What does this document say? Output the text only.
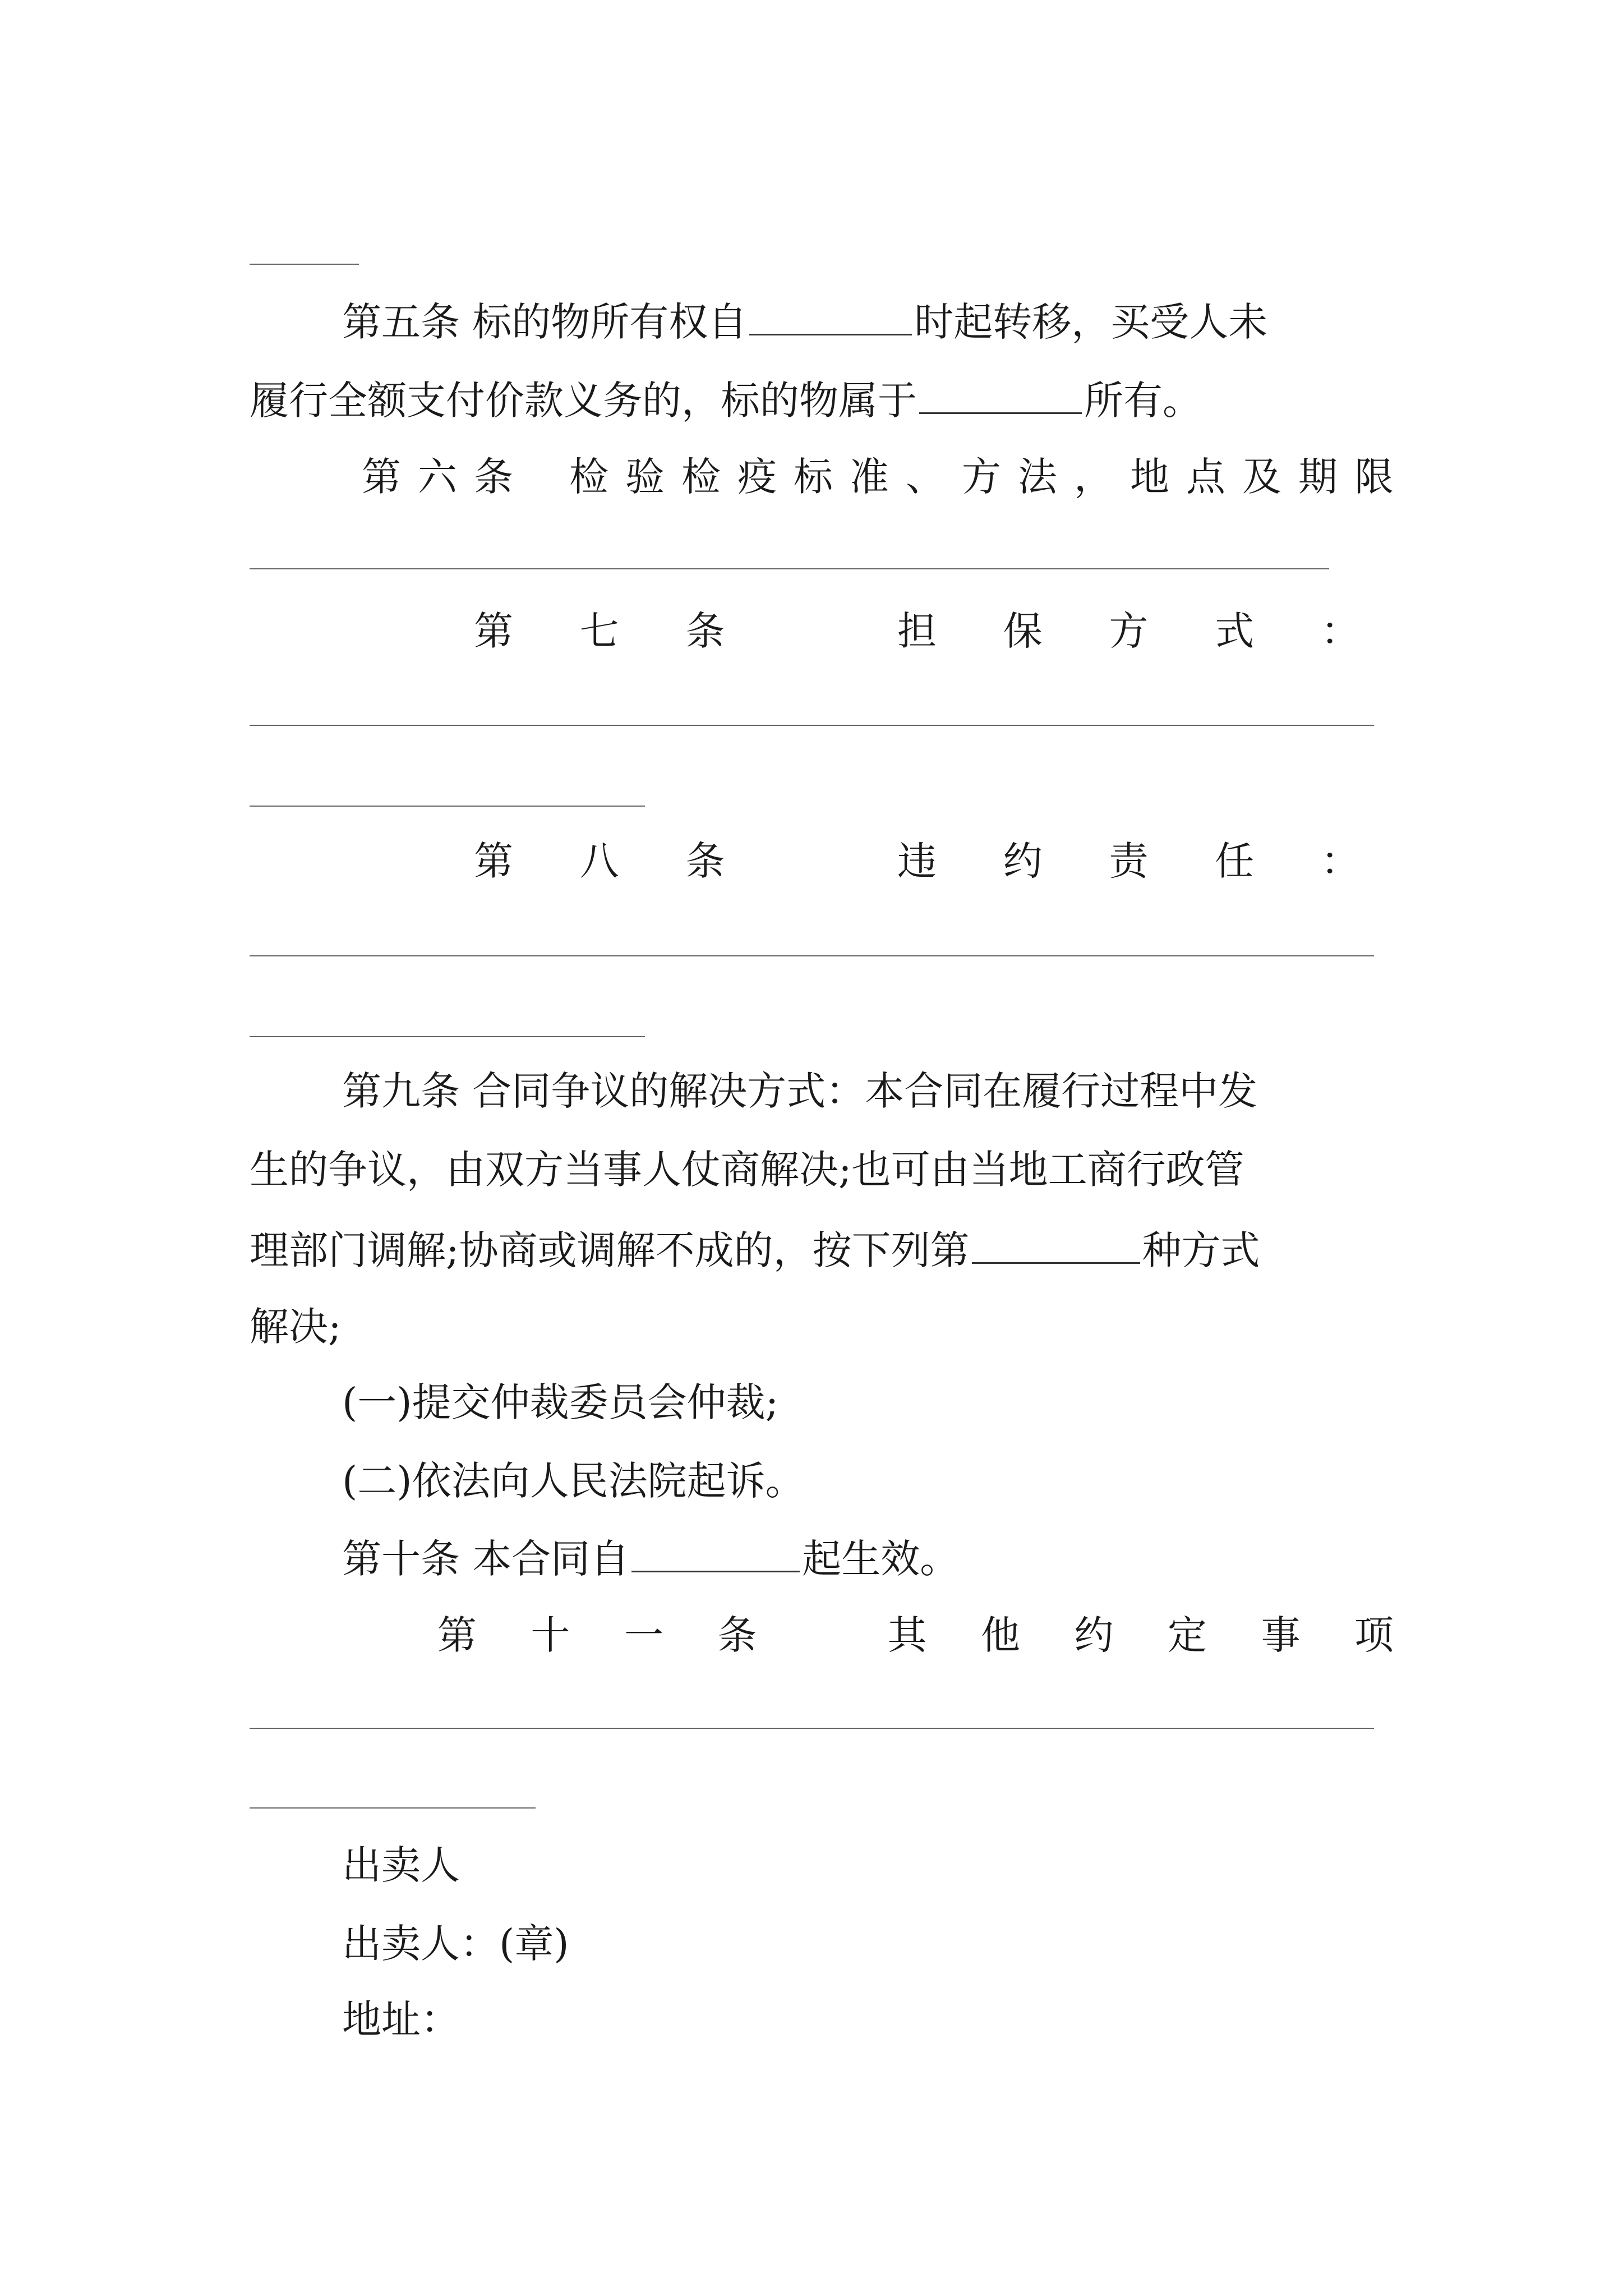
第五条 标的物所有权自	时起转移，买受人未
履行全额支付价款义务的，标的物属于	所有。
第 六 条 检 验 检 疫 标 准 、 方 法 ， 地 点 及 期 限
第 七 条	担 保 方 式 ：
第 八 条	违 约 责 任 ：
第九条 合同争议的解决方式：本合同在履行过程中发
生的争议，由双方当事人仗商解决;也可由当地工商行政管
理部门调解;协商或调解不成的，按下列第	种方式
解决;
(一)提交仲裁委员会仲裁;
(二)依法向人民法院起诉。
第十条 本合同自	起生效。
第 十 一 条	其 他 约 定 事 项
出卖人
出卖人：(章)
地址：
